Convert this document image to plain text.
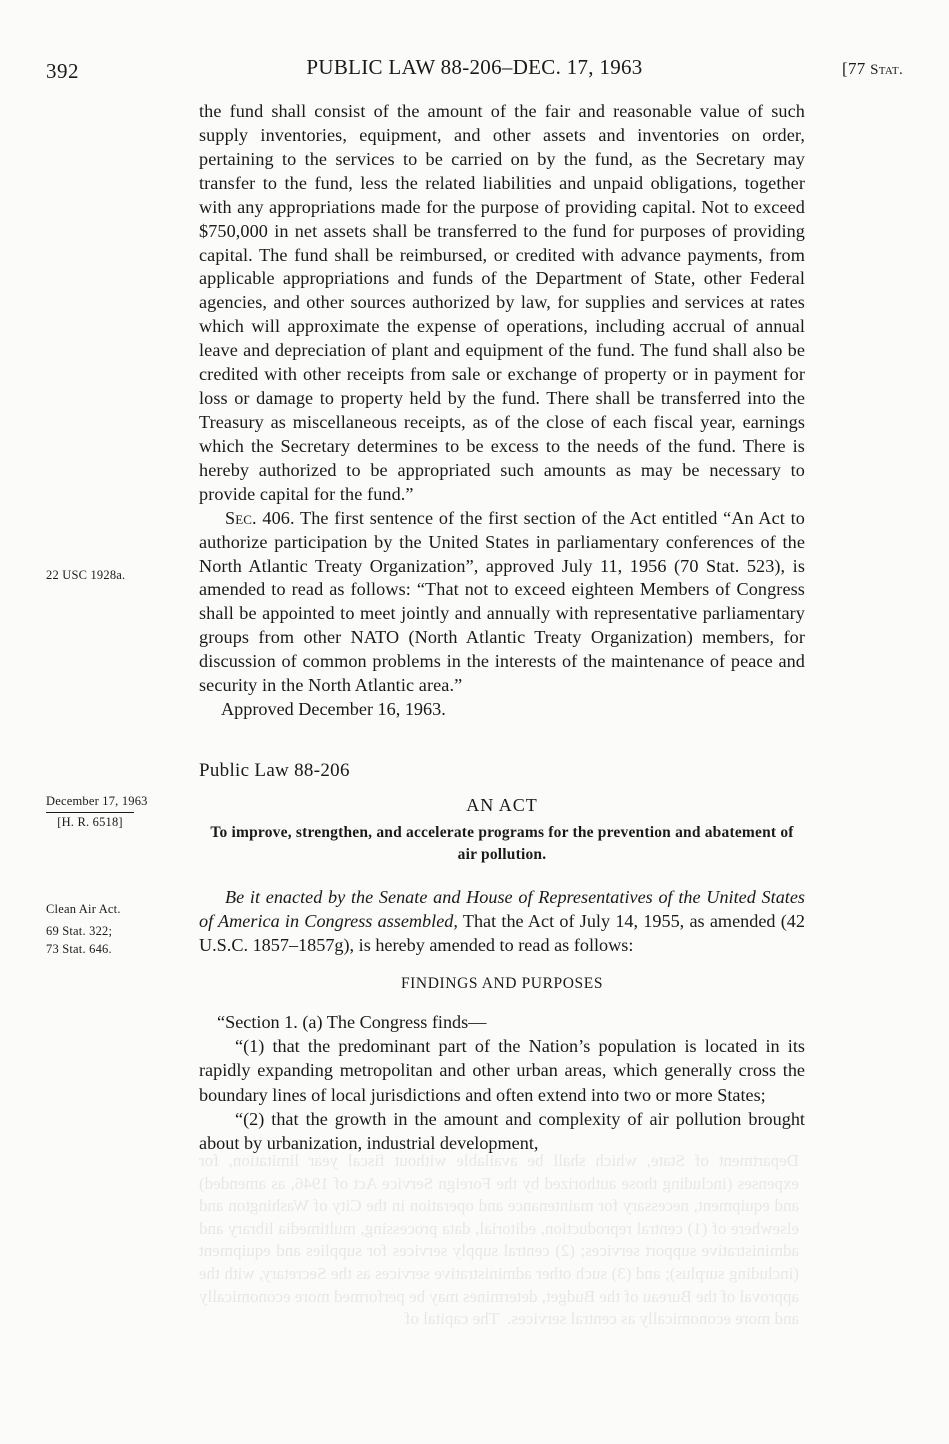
Department of State, which shall be available without fiscal year limitation, for expenses (including those authorized by the Foreign Service Act of 1946, as amended) and equipment, necessary for maintenance and operation in the City of Washington and elsewhere of (1) central reproduction, editorial, data processing, multimedia library and administrative support services; (2) central supply services for supplies and equipment (including surplus); and (3) such other administrative services as the Secretary, with the approval of the Bureau of the Budget, determines may be performed more economically and more economically as central services.  The capital of
392	PUBLIC LAW 88-206–DEC. 17, 1963	[77 Stat.
22 USC 1928a.
December 17, 1963
[H. R. 6518]
Clean Air Act.
69 Stat. 322;
73 Stat. 646.

the fund shall consist of the amount of the fair and reasonable value of such supply inventories, equipment, and other assets and inventories on order, pertaining to the services to be carried on by the fund, as the Secretary may transfer to the fund, less the related liabilities and unpaid obligations, together with any appropriations made for the purpose of providing capital. Not to exceed $750,000 in net assets shall be transferred to the fund for purposes of providing capital. The fund shall be reimbursed, or credited with advance payments, from applicable appropriations and funds of the Department of State, other Federal agencies, and other sources authorized by law, for supplies and services at rates which will approximate the expense of operations, including accrual of annual leave and depreciation of plant and equipment of the fund. The fund shall also be credited with other receipts from sale or exchange of property or in payment for loss or damage to property held by the fund. There shall be transferred into the Treasury as miscellaneous receipts, as of the close of each fiscal year, earnings which the Secretary determines to be excess to the needs of the fund. There is hereby authorized to be appropriated such amounts as may be necessary to provide capital for the fund.”

Sec. 406. The first sentence of the first section of the Act entitled “An Act to authorize participation by the United States in parliamentary conferences of the North Atlantic Treaty Organization”, approved July 11, 1956 (70 Stat. 523), is amended to read as follows: “That not to exceed eighteen Members of Congress shall be appointed to meet jointly and annually with representative parliamentary groups from other NATO (North Atlantic Treaty Organization) members, for discussion of common problems in the interests of the maintenance of peace and security in the North Atlantic area.”

Approved December 16, 1963.

Public Law 88-206
AN ACT
To improve, strengthen, and accelerate programs for the prevention and abatement of air pollution.

Be it enacted by the Senate and House of Representatives of the United States of America in Congress assembled, That the Act of July 14, 1955, as amended (42 U.S.C. 1857–1857g), is hereby amended to read as follows:

FINDINGS AND PURPOSES

“Section 1. (a) The Congress finds—

“(1) that the predominant part of the Nation’s population is located in its rapidly expanding metropolitan and other urban areas, which generally cross the boundary lines of local jurisdictions and often extend into two or more States;

“(2) that the growth in the amount and complexity of air pollution brought about by urbanization, industrial development,
